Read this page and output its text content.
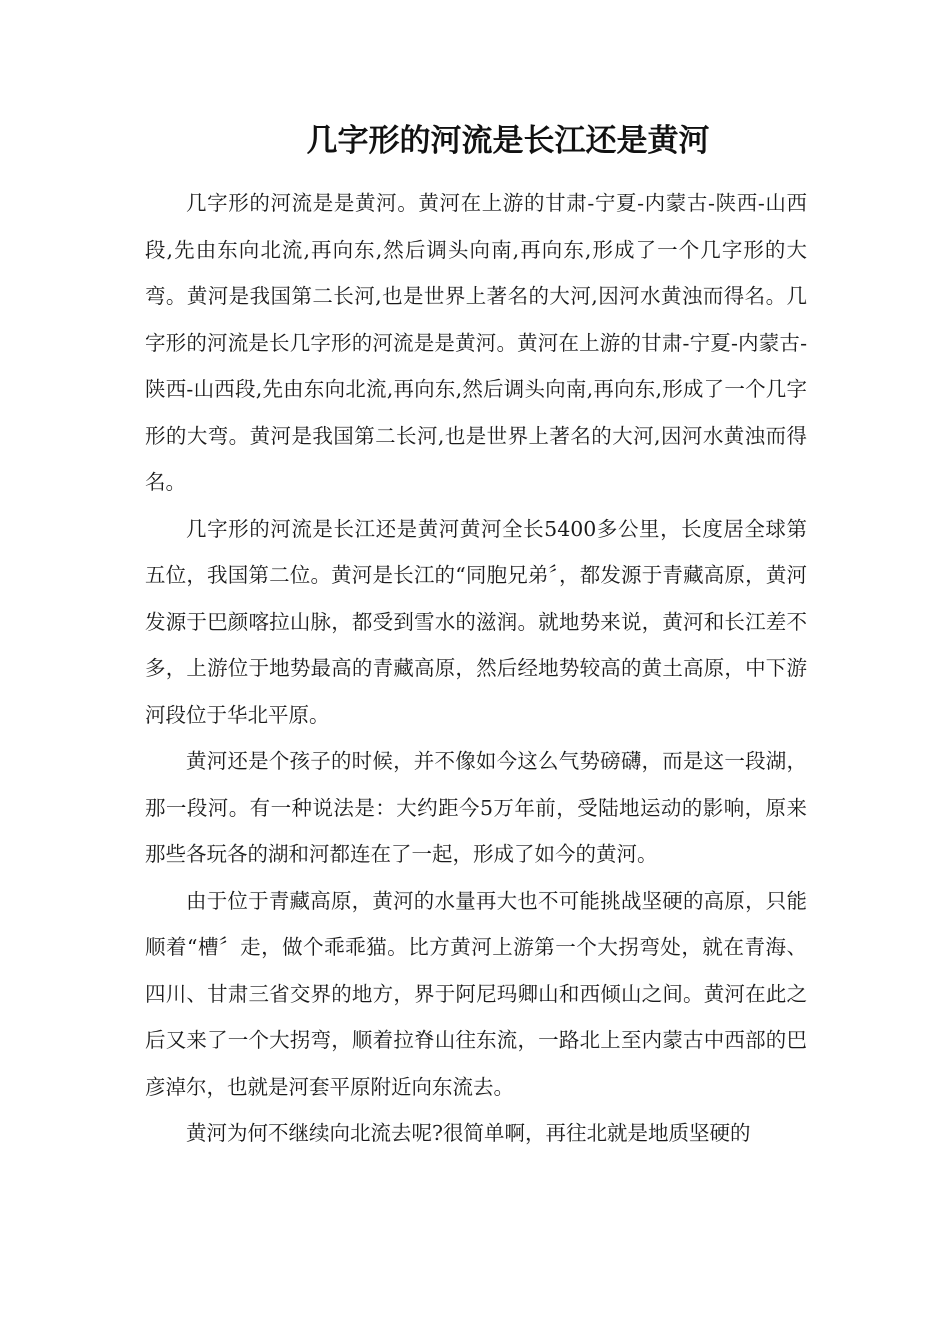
几字形的河流是长江还是黄河

几字形的河流是是黄河。黄河在上游的甘肃-宁夏-内蒙古-陕西-山西段,先由东向北流,再向东,然后调头向南,再向东,形成了一个几字形的大弯。黄河是我国第二长河,也是世界上著名的大河,因河水黄浊而得名。几字形的河流是长几字形的河流是是黄河。黄河在上游的甘肃-宁夏-内蒙古-陕西-山西段,先由东向北流,再向东,然后调头向南,再向东,形成了一个几字形的大弯。黄河是我国第二长河,也是世界上著名的大河,因河水黄浊而得名。

几字形的河流是长江还是黄河黄河全长5400多公里，长度居全球第五位，我国第二位。黄河是长江的“同胞兄弟〞，都发源于青藏高原，黄河发源于巴颜喀拉山脉，都受到雪水的滋润。就地势来说，黄河和长江差不多，上游位于地势最高的青藏高原，然后经地势较高的黄土高原，中下游河段位于华北平原。

黄河还是个孩子的时候，并不像如今这么气势磅礴，而是这一段湖，那一段河。有一种说法是：大约距今5万年前，受陆地运动的影响，原来那些各玩各的湖和河都连在了一起，形成了如今的黄河。

由于位于青藏高原，黄河的水量再大也不可能挑战坚硬的高原，只能顺着“槽〞走，做个乖乖猫。比方黄河上游第一个大拐弯处，就在青海、四川、甘肃三省交界的地方，界于阿尼玛卿山和西倾山之间。黄河在此之后又来了一个大拐弯，顺着拉脊山往东流，一路北上至内蒙古中西部的巴彦淖尔，也就是河套平原附近向东流去。

黄河为何不继续向北流去呢?很简单啊，再往北就是地质坚硬的
